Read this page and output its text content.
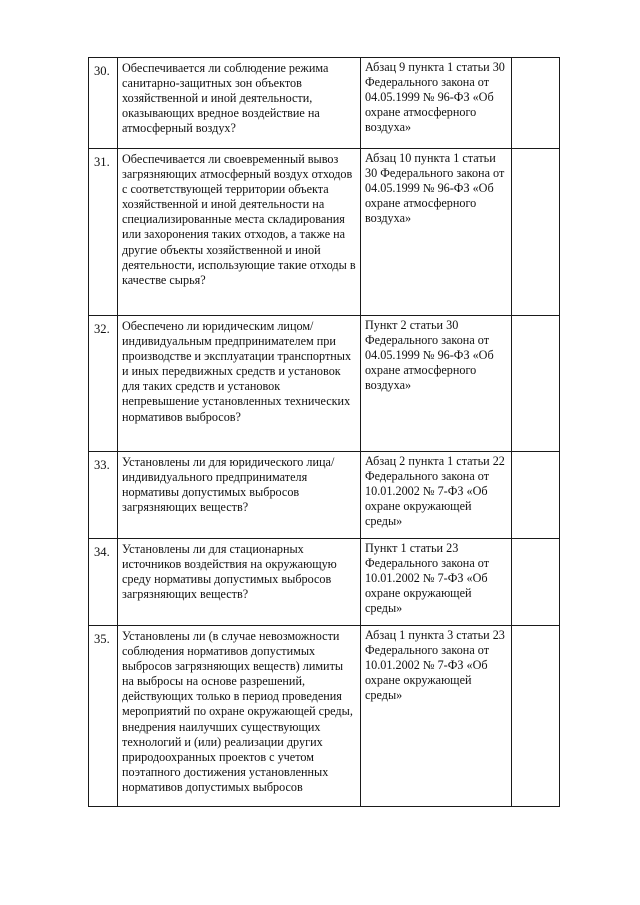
30.	Обеспечивается ли соблюдение режима санитарно-защитных зон объектов хозяйственной и иной деятельности, оказывающих вредное воздействие на атмосферный воздух?	Абзац 9 пункта 1 статьи 30 Федерального закона от 04.05.1999 № 96-ФЗ «Об охране атмосферного воздуха»	
31.	Обеспечивается ли своевременный вывоз загрязняющих атмосферный воздух отходов с соответствующей территории объекта хозяйственной и иной деятельности на специализированные места складирования или захоронения таких отходов, а также на другие объекты хозяйственной и иной деятельности, использующие такие отходы в качестве сырья?	Абзац 10 пункта 1 статьи 30 Федерального закона от 04.05.1999 № 96-ФЗ «Об охране атмосферного воздуха»	
32.	Обеспечено ли юридическим лицом/индивидуальным предпринимателем при производстве и эксплуатации транспортных и иных передвижных средств и установок для таких средств и установок непревышение установленных технических нормативов выбросов?	Пункт 2 статьи 30 Федерального закона от 04.05.1999 № 96-ФЗ «Об охране атмосферного воздуха»	
33.	Установлены ли для юридического лица/индивидуального предпринимателя нормативы допустимых выбросов загрязняющих веществ?	Абзац 2 пункта 1 статьи 22 Федерального закона от 10.01.2002 № 7-ФЗ «Об охране окружающей среды»	
34.	Установлены ли для стационарных источников воздействия на окружающую среду нормативы допустимых выбросов загрязняющих веществ?	Пункт 1 статьи 23 Федерального закона от 10.01.2002 № 7-ФЗ «Об охране окружающей среды»	
35.	Установлены ли (в случае невозможности соблюдения нормативов допустимых выбросов загрязняющих веществ) лимиты на выбросы на основе разрешений, действующих только в период проведения мероприятий по охране окружающей среды, внедрения наилучших существующих технологий и (или) реализации других природоохранных проектов с учетом поэтапного достижения установленных нормативов допустимых выбросов	Абзац 1 пункта 3 статьи 23 Федерального закона от 10.01.2002 № 7-ФЗ «Об охране окружающей среды»	
